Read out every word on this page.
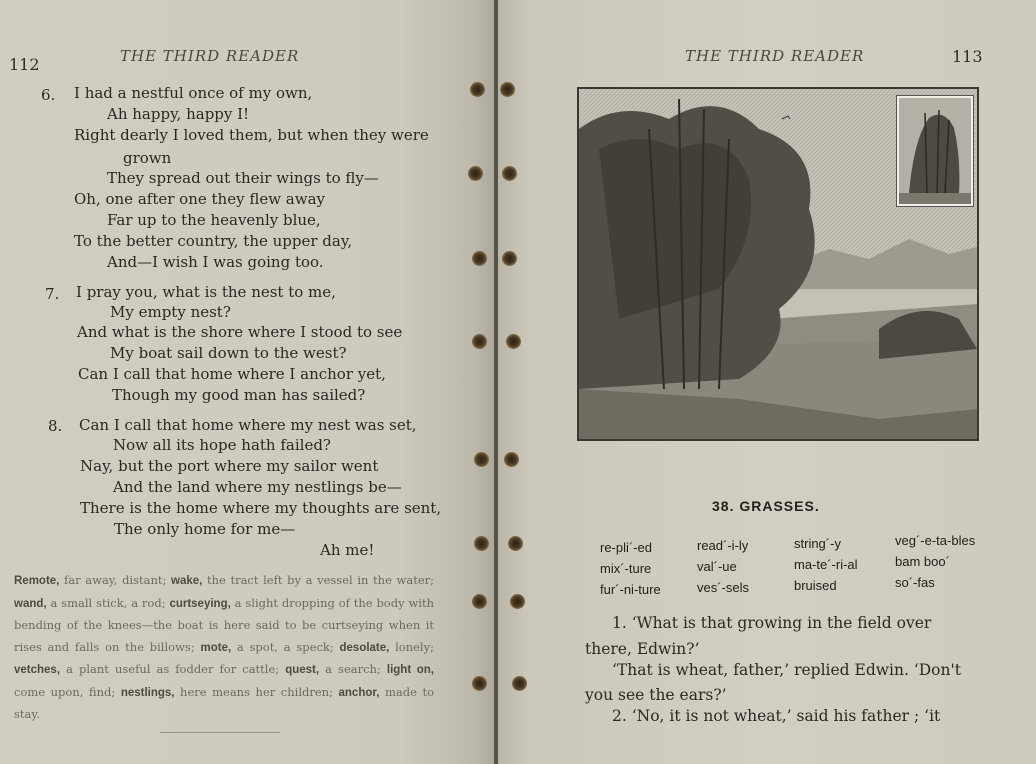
112	THE THIRD READER
6. I had a nestful once of my own,
Ah happy, happy I!
Right dearly I loved them, but when they were
grown
They spread out their wings to fly—
Oh, one after one they flew away
Far up to the heavenly blue,
To the better country, the upper day,
And—I wish I was going too.
7. I pray you, what is the nest to me,
My empty nest?
And what is the shore where I stood to see
My boat sail down to the west?
Can I call that home where I anchor yet,
Though my good man has sailed?
8. Can I call that home where my nest was set,
Now all its hope hath failed?
Nay, but the port where my sailor went
And the land where my nestlings be—
There is the home where my thoughts are sent,
The only home for me—
Ah me!
Remote, far away, distant; wake, the tract left by a vessel in the water; wand, a small stick, a rod; curtseying, a slight dropping of the body with bending of the knees—the boat is here said to be curtseying when it rises and falls on the billows; mote, a spot, a speck; desolate, lonely; vetches, a plant useful as fodder for cattle; quest, a search; light on, come upon, find; nestlings, here means her children; anchor, made to stay.
THE THIRD READER	113
38. GRASSES.
re-pli´-ed	read´-i-ly	string´-y	veg´-e-ta-bles
mix´-ture	val´-ue	ma-te´-ri-al	bam boo´
fur´-ni-ture	ves´-sels	bruised	so´-fas
1. ‘What is that growing in the field over
there, Edwin?’
‘That is wheat, father,’ replied Edwin. ‘Don't
you see the ears?’
2. ‘No, it is not wheat,’ said his father ; ‘it
